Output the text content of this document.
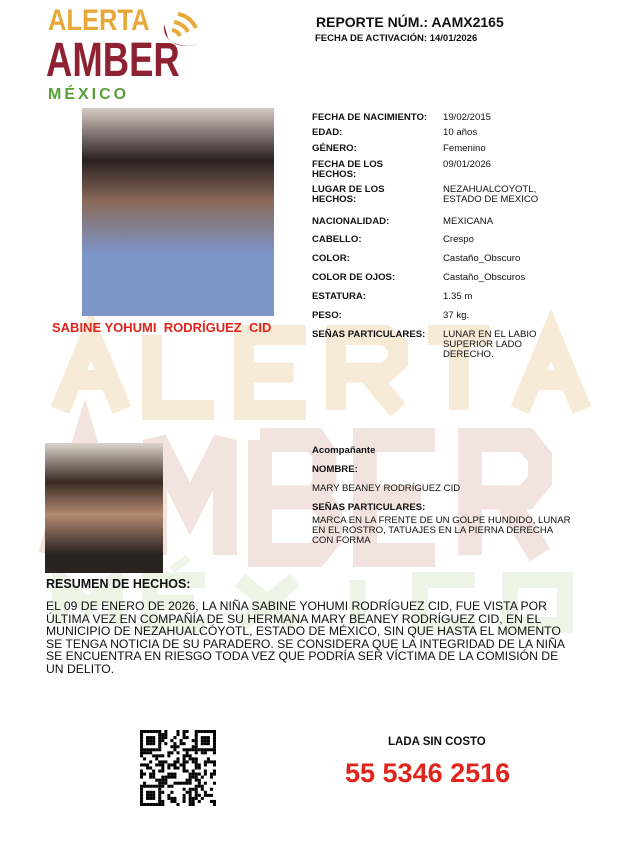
ALERTA
AMBER
MÉXICO
REPORTE NÚM.: AAMX2165
FECHA DE ACTIVACIÓN: 14/01/2026
SABINE YOHUMI  RODRÍGUEZ  CID
FECHA DE NACIMIENTO:	19/02/2015
EDAD:	10 años
GÉNERO:	Femenino
FECHA DE LOS HECHOS:
09/01/2026
LUGAR DE LOS HECHOS:
NEZAHUALCOYOTL, ESTADO DE MEXICO
NACIONALIDAD:	MEXICANA
CABELLO:	Crespo
COLOR:	Castaño_Obscuro
COLOR DE OJOS:	Castaño_Obscuros
ESTATURA:	1.35 m
PESO:	37 kg.
SEÑAS PARTICULARES:	LUNAR EN EL LABIO SUPERIOR LADO DERECHO.
Acompañante
NOMBRE:
MARY BEANEY RODRÍGUEZ CID
SEÑAS PARTICULARES:
MARCA EN LA FRENTE DE UN GOLPE HUNDIDO, LUNAR EN EL ROSTRO, TATUAJES EN LA PIERNA DERECHA CON FORMA
RESUMEN DE HECHOS:
EL 09 DE ENERO DE 2026, LA NIÑA SABINE YOHUMI RODRÍGUEZ CID, FUE VISTA POR ÚLTIMA VEZ EN COMPAÑÍA DE SU HERMANA MARY BEANEY RODRÍGUEZ CID, EN EL MUNICIPIO DE NEZAHUALCÓYOTL, ESTADO DE MÉXICO, SIN QUE HASTA EL MOMENTO SE TENGA NOTICIA DE SU PARADERO. SE CONSIDERA QUE LA INTEGRIDAD DE LA NIÑA SE ENCUENTRA EN RIESGO TODA VEZ QUE PODRÍA SER VÍCTIMA DE LA COMISIÓN DE UN DELITO.
LADA SIN COSTO
55 5346 2516
